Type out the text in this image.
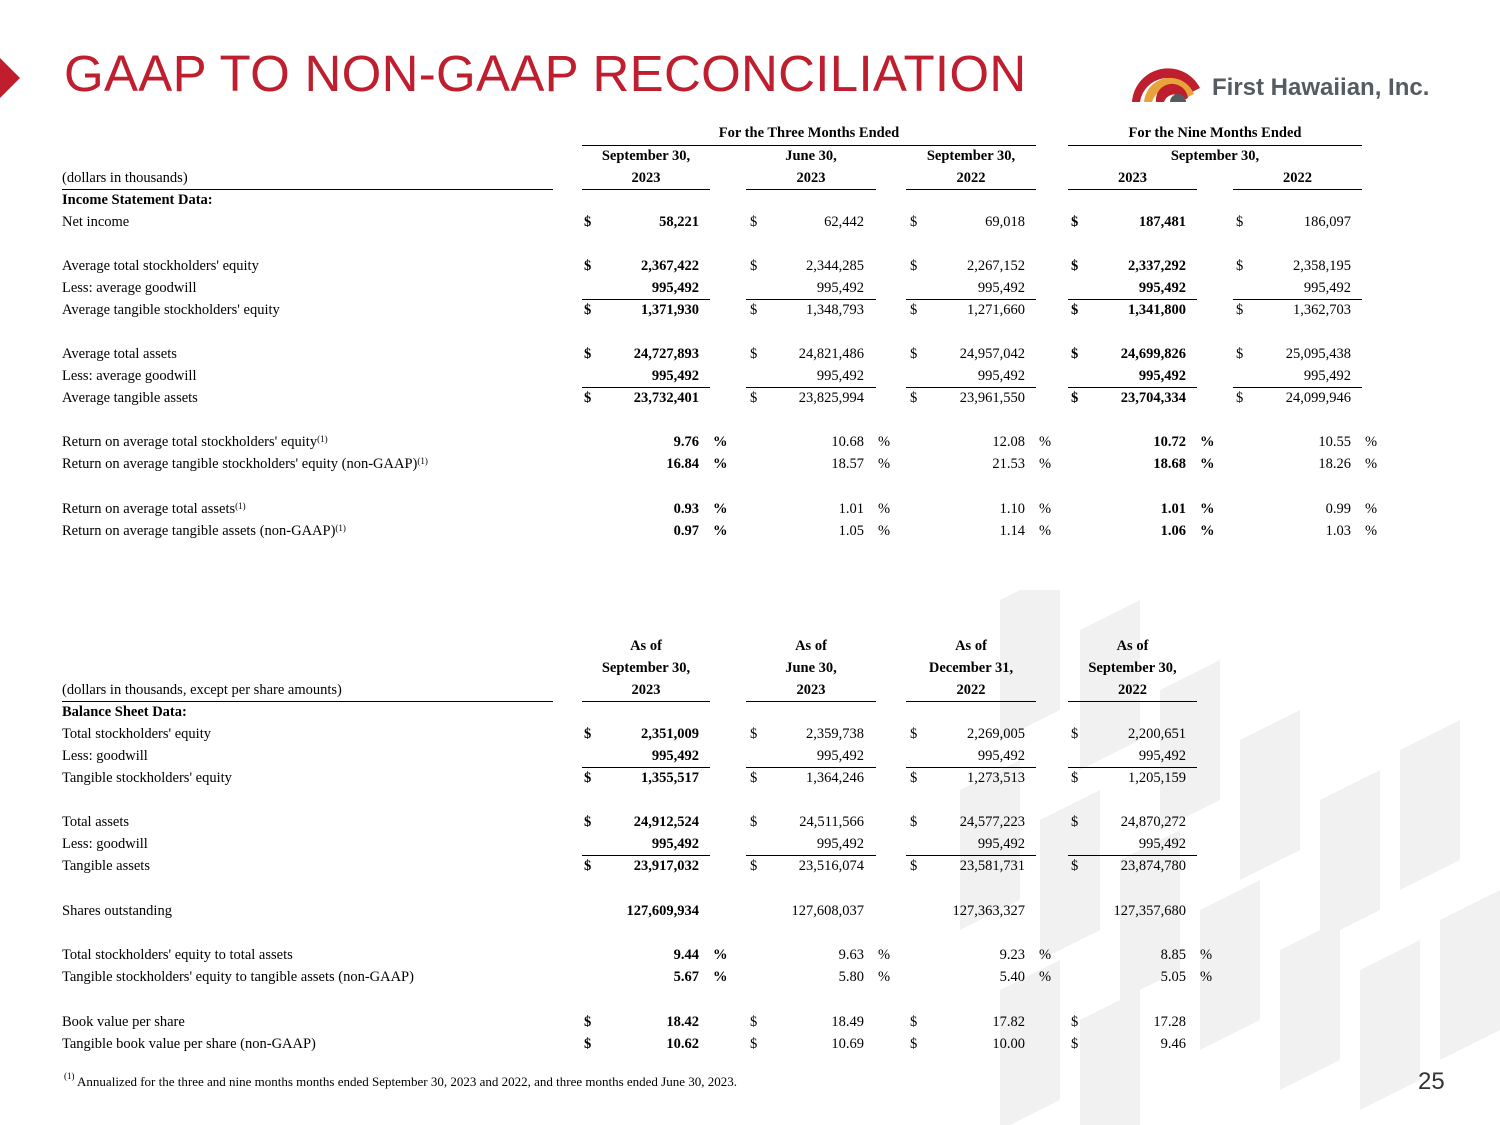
GAAP TO NON-GAAP RECONCILIATION	First Hawaiian, Inc.
For the Three Months Ended	For the Nine Months Ended
September 30,	June 30,	September 30,	September 30,
(dollars in thousands)	2023	2023	2022	2023	2022
Income Statement Data:
Net income	$	58,221	$	62,442	$	69,018	$	187,481	$	186,097
Average total stockholders' equity	$	2,367,422	$	2,344,285	$	2,267,152	$	2,337,292	$	2,358,195
Less: average goodwill	995,492	995,492	995,492	995,492	995,492
Average tangible stockholders' equity	$	1,371,930	$	1,348,793	$	1,271,660	$	1,341,800	$	1,362,703
Average total assets	$	24,727,893	$	24,821,486	$	24,957,042	$	24,699,826	$	25,095,438
Less: average goodwill	995,492	995,492	995,492	995,492	995,492
Average tangible assets	$	23,732,401	$	23,825,994	$	23,961,550	$	23,704,334	$	24,099,946
Return on average total stockholders' equity$^{(1)}$	9.76 %	10.68 %	12.08 %	10.72 %	10.55 %
Return on average tangible stockholders' equity (non-GAAP)$^{(1)}$	16.84 %	18.57 %	21.53 %	18.68 %	18.26 %
Return on average total assets$^{(1)}$	0.93 %	1.01 %	1.10 %	1.01 %	0.99 %
Return on average tangible assets (non-GAAP)$^{(1)}$	0.97 %	1.05 %	1.14 %	1.06 %	1.03 %
As of	As of	As of	As of
September 30,	June 30,	December 31,	September 30,
(dollars in thousands, except per share amounts)	2023	2023	2022	2022
Balance Sheet Data:
Total stockholders' equity	$	2,351,009	$	2,359,738	$	2,269,005	$	2,200,651
Less: goodwill	995,492	995,492	995,492	995,492
Tangible stockholders' equity	$	1,355,517	$	1,364,246	$	1,273,513	$	1,205,159
Total assets	$	24,912,524	$	24,511,566	$	24,577,223	$	24,870,272
Less: goodwill	995,492	995,492	995,492	995,492
Tangible assets	$	23,917,032	$	23,516,074	$	23,581,731	$	23,874,780
Shares outstanding	127,609,934	127,608,037	127,363,327	127,357,680
Total stockholders' equity to total assets	9.44 %	9.63 %	9.23 %	8.85 %
Tangible stockholders' equity to tangible assets (non-GAAP)	5.67 %	5.80 %	5.40 %	5.05 %
Book value per share	$	18.42	$	18.49	$	17.82	$	17.28
Tangible book value per share (non-GAAP)	$	10.62	$	10.69	$	10.00	$	9.46
$^{(1)}$ Annualized for the three and nine months months ended September 30, 2023 and 2022, and three months ended June 30, 2023.	25
